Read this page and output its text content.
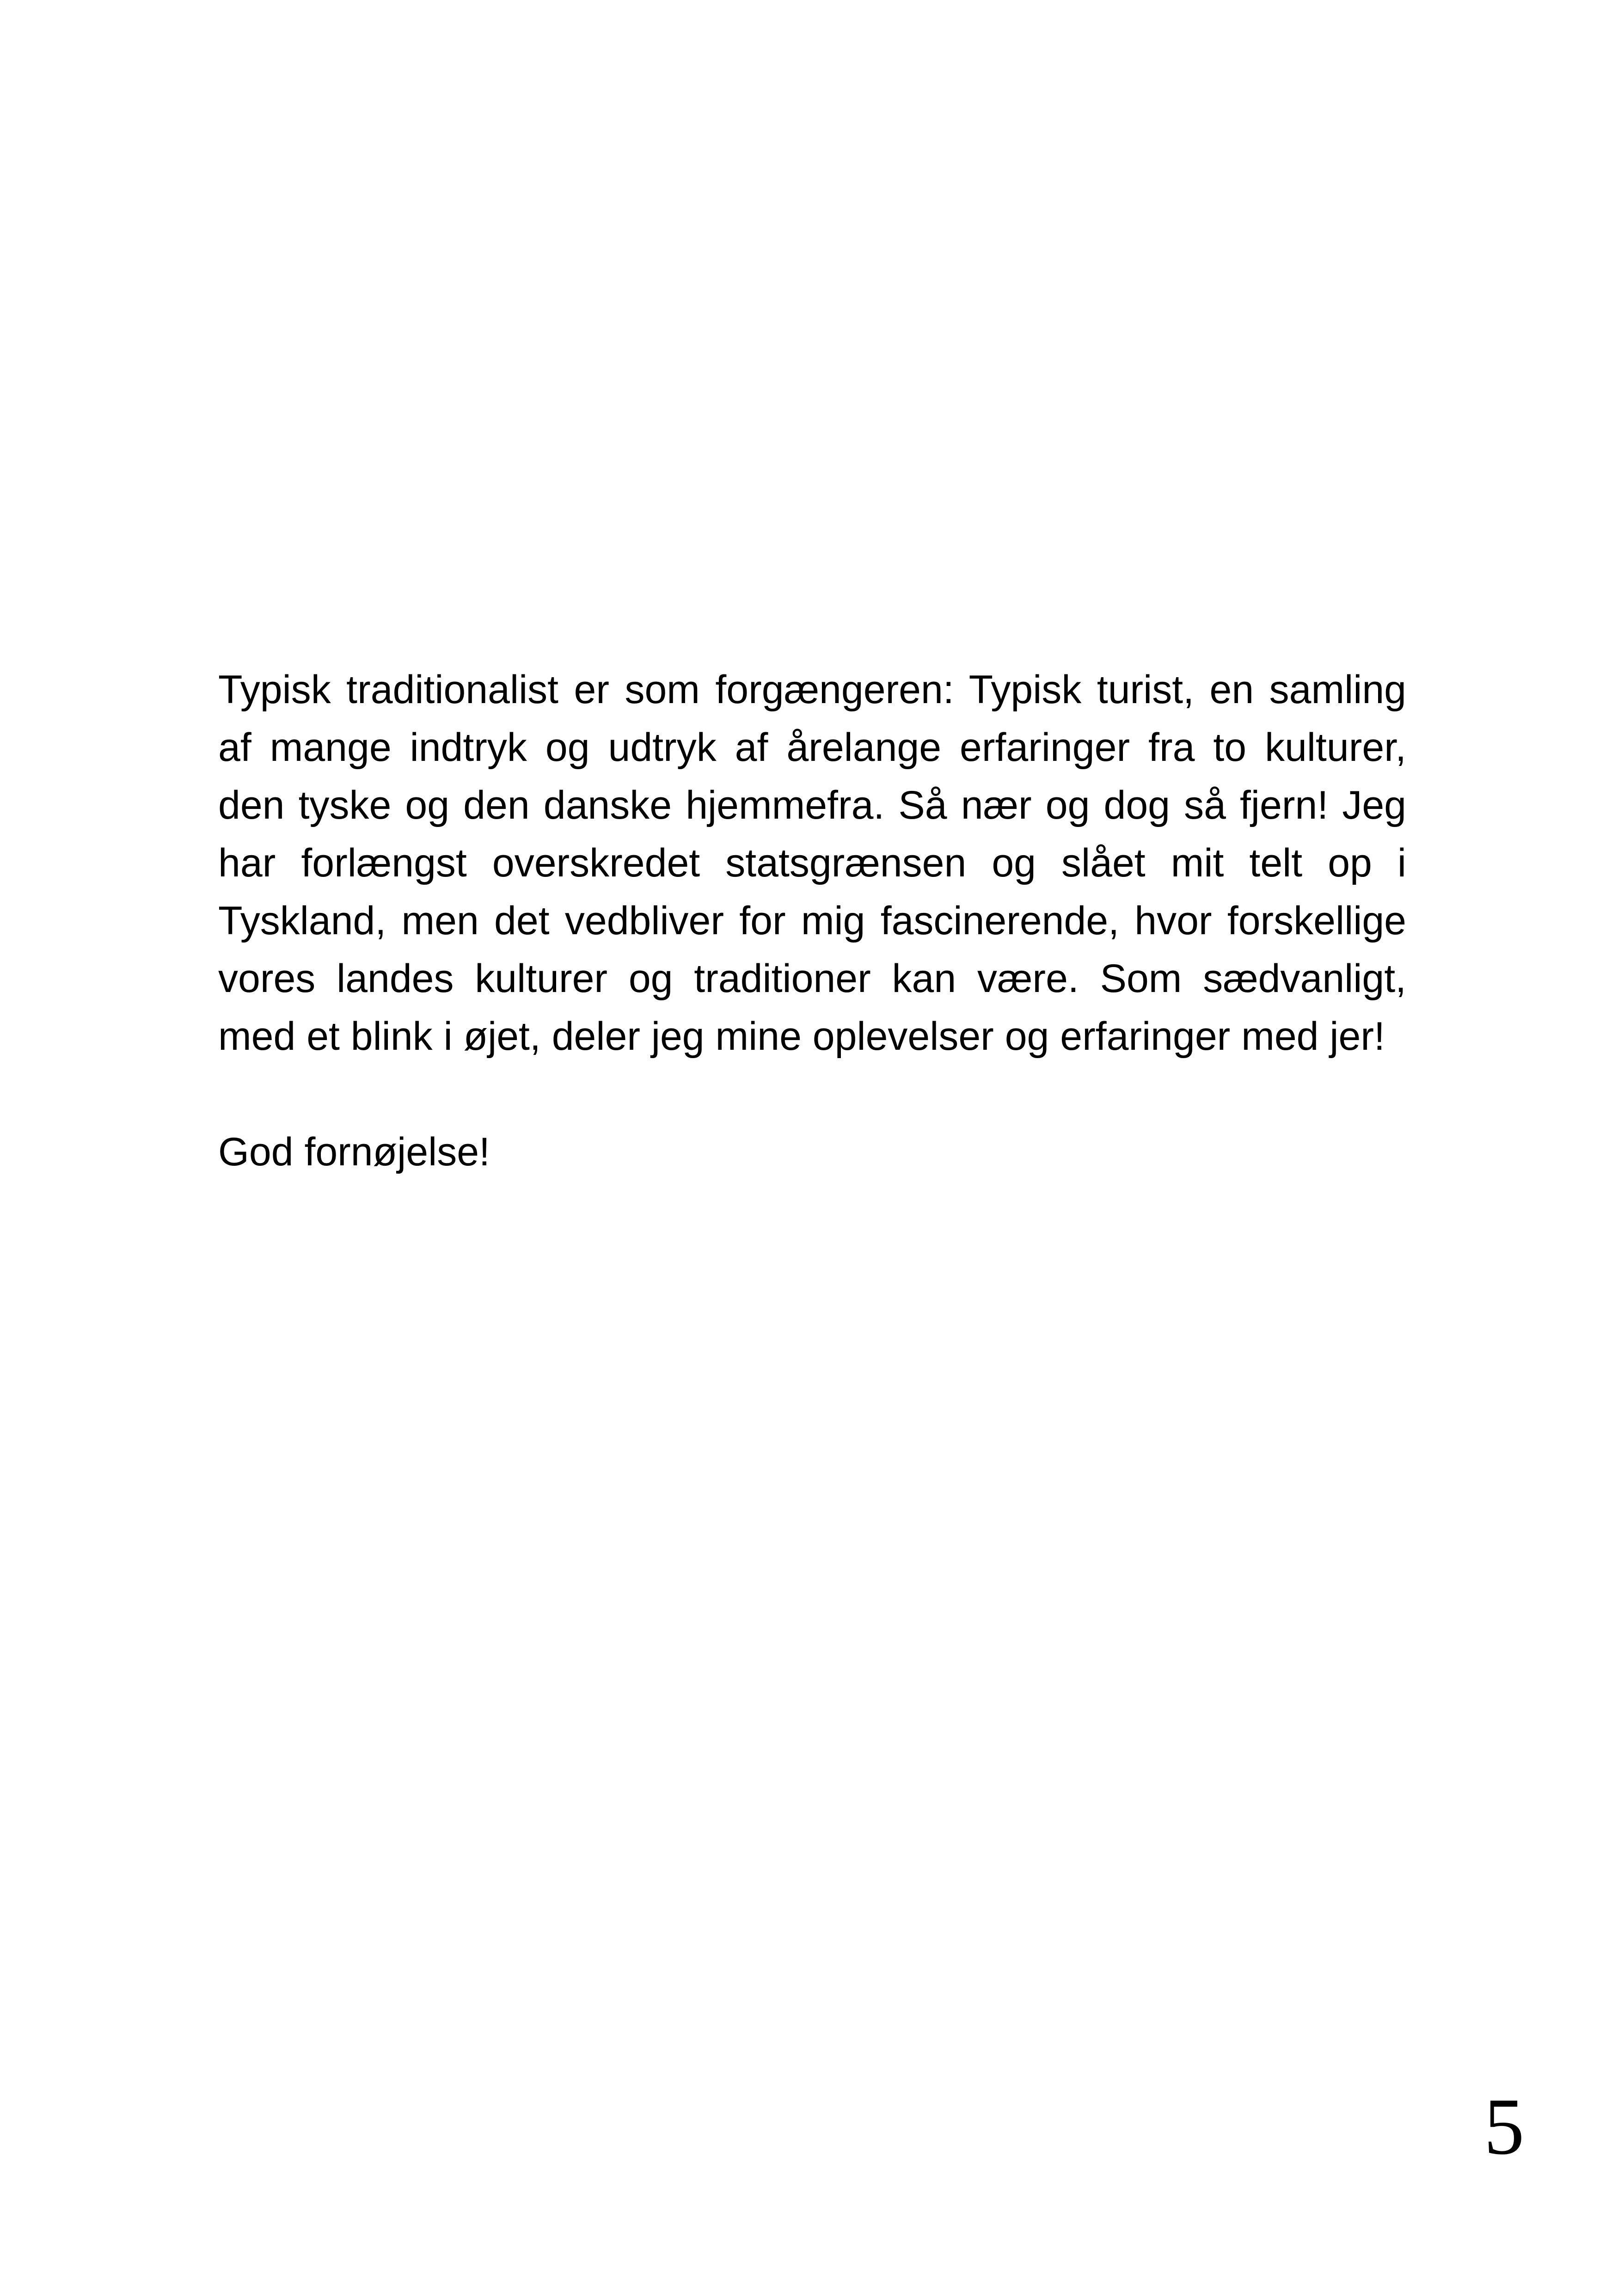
Typisk traditionalist er som forgængeren: Typisk turist, en samling af mange indtryk og udtryk af årelange erfaringer fra to kulturer, den tyske og den danske hjemmefra. Så nær og dog så fjern! Jeg har forlængst overskredet statsgrænsen og slået mit telt op i Tyskland, men det vedbliver for mig fascinerende, hvor forskellige vores landes kulturer og traditioner kan være. Som sædvanligt, med et blink i øjet, deler jeg mine oplevelser og erfaringer med jer!

God fornøjelse!

5
